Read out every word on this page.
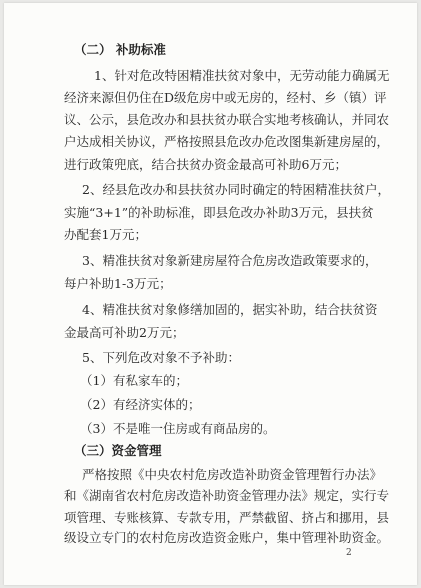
（二） 补助标准

1、针对危改特困精准扶贫对象中，无劳动能力确属无

经济来源但仍住在D级危房中或无房的，经村、乡（镇）评

议、公示，县危改办和县扶贫办联合实地考核确认，并同农

户达成相关协议，严格按照县危改办危改图集新建房屋的，

进行政策兜底，结合扶贫办资金最高可补助6万元；

2、经县危改办和县扶贫办同时确定的特困精准扶贫户，

实施“3+1”的补助标准，即县危改办补助3万元，县扶贫

办配套1万元；

3、精准扶贫对象新建房屋符合危房改造政策要求的，

每户补助1-3万元；

4、精准扶贫对象修缮加固的，据实补助，结合扶贫资

金最高可补助2万元；

5、下列危改对象不予补助：

（1）有私家车的；

（2）有经济实体的；

（3）不是唯一住房或有商品房的。

（三）资金管理

严格按照《中央农村危房改造补助资金管理暂行办法》

和《湖南省农村危房改造补助资金管理办法》规定，实行专

项管理、专账核算、专款专用，严禁截留、挤占和挪用，县

级设立专门的农村危房改造资金账户，集中管理补助资金。

2
